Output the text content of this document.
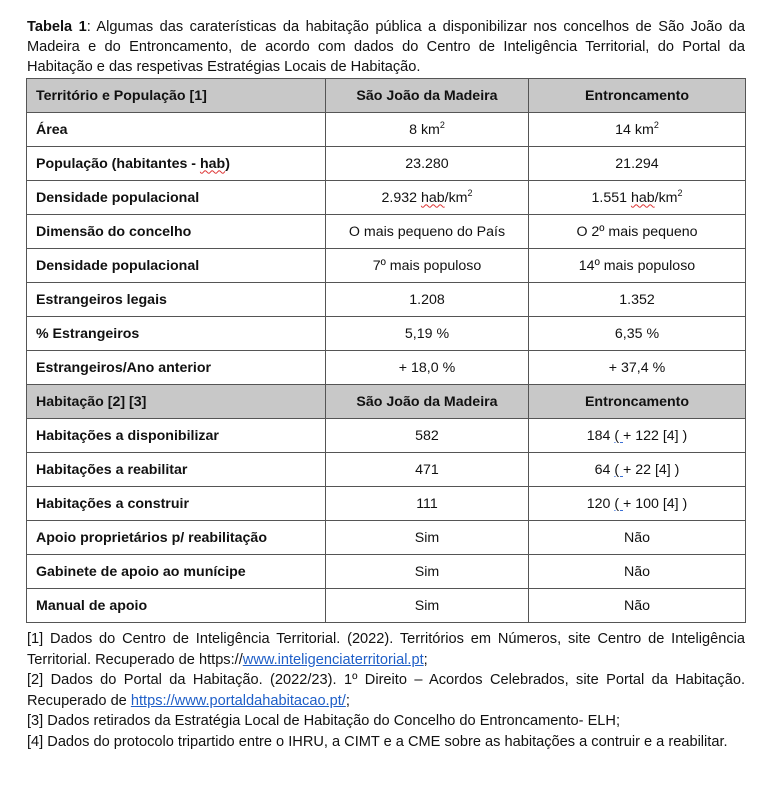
Tabela 1: Algumas das caraterísticas da habitação pública a disponibilizar nos concelhos de São João da Madeira e do Entroncamento, de acordo com dados do Centro de Inteligência Territorial, do Portal da Habitação e das respetivas Estratégias Locais de Habitação.
Território e População [1]	São João da Madeira	Entroncamento
Área	8 $km^2$	14 $km^2$
População (habitantes - hab)	23.280	21.294
Densidade populacional	2.932 hab/$km^2$	1.551 hab/$km^2$
Dimensão do concelho	O mais pequeno do País	O 2º mais pequeno
Densidade populacional	7º mais populoso	14º mais populoso
Estrangeiros legais	1.208	1.352
% Estrangeiros	5,19 %	6,35 %
Estrangeiros/Ano anterior	+ 18,0 %	+ 37,4 %
Habitação [2] [3]	São João da Madeira	Entroncamento
Habitações a disponibilizar	582	184 ( + 122 [4] )
Habitações a reabilitar	471	64 ( + 22 [4] )
Habitações a construir	111	120 ( + 100 [4] )
Apoio proprietários p/ reabilitação	Sim	Não
Gabinete de apoio ao munícipe	Sim	Não
Manual de apoio	Sim	Não

[1] Dados do Centro de Inteligência Territorial. (2022). Territórios em Números, site Centro de Inteligência Territorial. Recuperado de https://www.inteligenciaterritorial.pt;

[2] Dados do Portal da Habitação. (2022/23). 1º Direito – Acordos Celebrados, site Portal da Habitação. Recuperado de https://www.portaldahabitacao.pt/;

[3] Dados retirados da Estratégia Local de Habitação do Concelho do Entroncamento- ELH;

[4] Dados do protocolo tripartido entre o IHRU, a CIMT e a CME sobre as habitações a contruir e a reabilitar.
